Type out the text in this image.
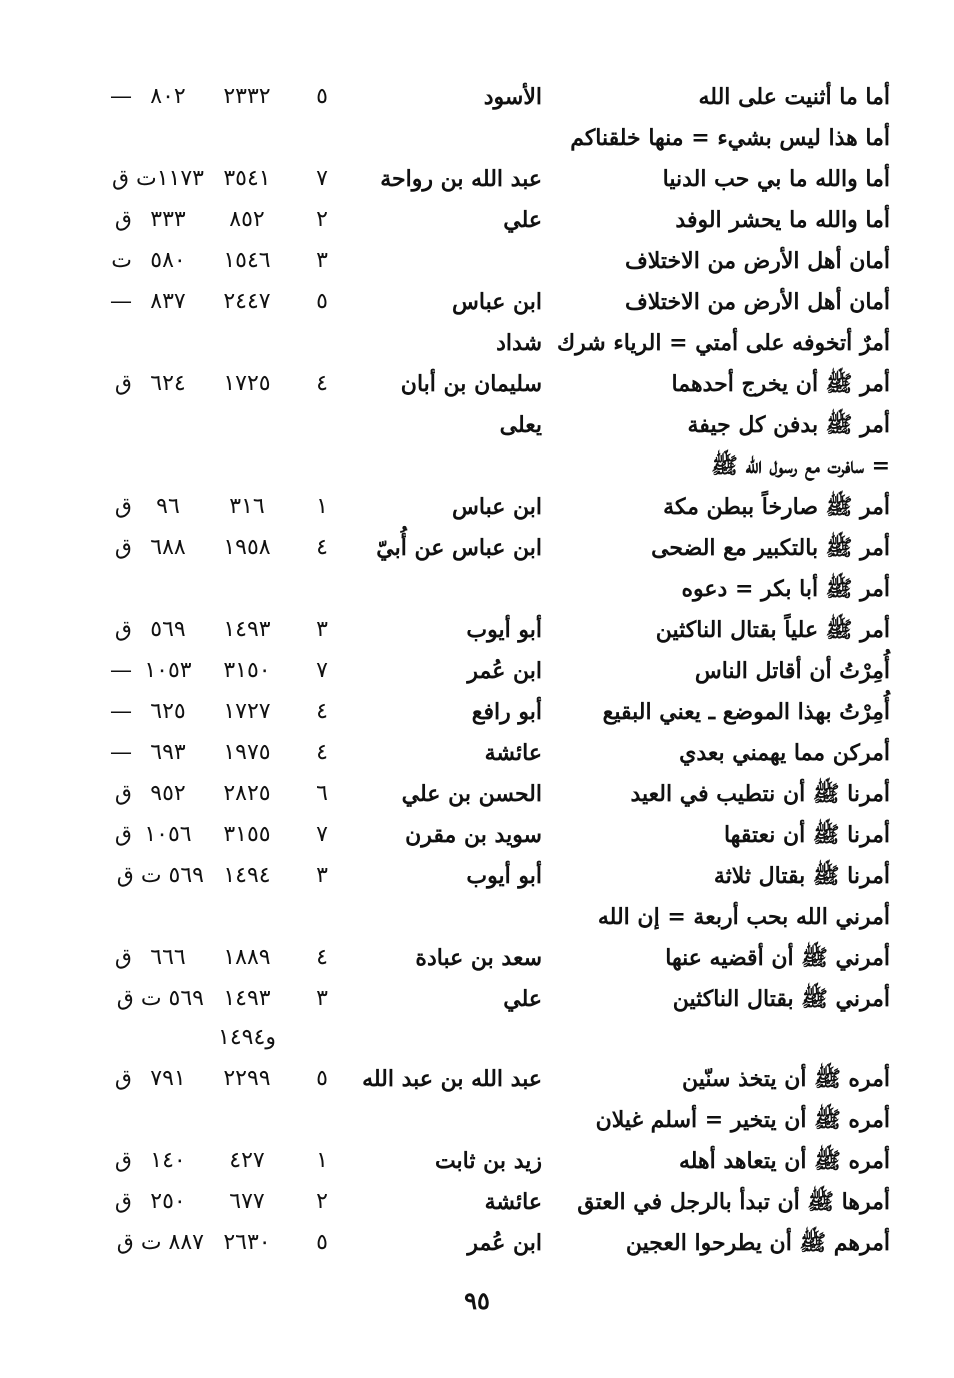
أما ما أثنيت على الله
الأسود
٥
٢٣٣٢
٨٠٢
—
أما هذا ليس بشيء = منها خلقناكم
أما والله ما بي حب الدنيا
عبد الله بن رواحة
٧
٣٥٤١
١١٧٣ت ق
أما والله ما يحشر الوفد
علي
٢
٨٥٢
٣٣٣
ق
أمان أهل الأرض من الاختلاف
٣
١٥٤٦
٥٨٠
ت
أمان أهل الأرض من الاختلاف
ابن عباس
٥
٢٤٤٧
٨٣٧
—
أمرٌ أتخوفه على أمتي = الرياء شرك
شداد
أمر ﷺ أن يخرج أحدهما
سليمان بن أبان
٤
١٧٢٥
٦٢٤
ق
أمر ﷺ بدفن كل جيفة
يعلى
= سافرت مع رسول الله ﷺ
أمر ﷺ صارخاً ببطن مكة
ابن عباس
١
٣١٦
٩٦
ق
أمر ﷺ بالتكبير مع الضحى
ابن عباس عن أُبيّ
٤
١٩٥٨
٦٨٨
ق
أمر ﷺ أبا بكر = دعوه
أمر ﷺ علياً بقتال الناكثين
أبو أيوب
٣
١٤٩٣
٥٦٩
ق
أُمِرْتُ أن أقاتل الناس
ابن عُمر
٧
٣١٥٠
١٠٥٣
—
أُمِرْتُ بهذا الموضع ـ يعني البقيع
أبو رافع
٤
١٧٢٧
٦٢٥
—
أمركن مما يهمني بعدي
عائشة
٤
١٩٧٥
٦٩٣
—
أمرنا ﷺ أن نتطيب في العيد
الحسن بن علي
٦
٢٨٢٥
٩٥٢
ق
أمرنا ﷺ أن نعتقها
سويد بن مقرن
٧
٣١٥٥
١٠٥٦
ق
أمرنا ﷺ بقتال ثلاثة
أبو أيوب
٣
١٤٩٤
٥٦٩ ت ق
أمرني الله بحب أربعة = إن الله
أمرني ﷺ أن أقضيه عنها
سعد بن عبادة
٤
١٨٨٩
٦٦٦
ق
أمرني ﷺ بقتال الناكثين
علي
٣
١٤٩٣
٥٦٩ ت ق
و١٤٩٤
أمره ﷺ أن يتخذ سنّين
عبد الله بن عبد الله
٥
٢٢٩٩
٧٩١
ق
أمره ﷺ أن يتخير = أسلم غيلان
أمره ﷺ أن يتعاهد أهله
زيد بن ثابت
١
٤٢٧
١٤٠
ق
أمرها ﷺ أن تبدأ بالرجل في العتق
عائشة
٢
٦٧٧
٢٥٠
ق
أمرهم ﷺ أن يطرحوا العجين
ابن عُمر
٥
٢٦٣٠
٨٨٧ ت ق
٩٥
